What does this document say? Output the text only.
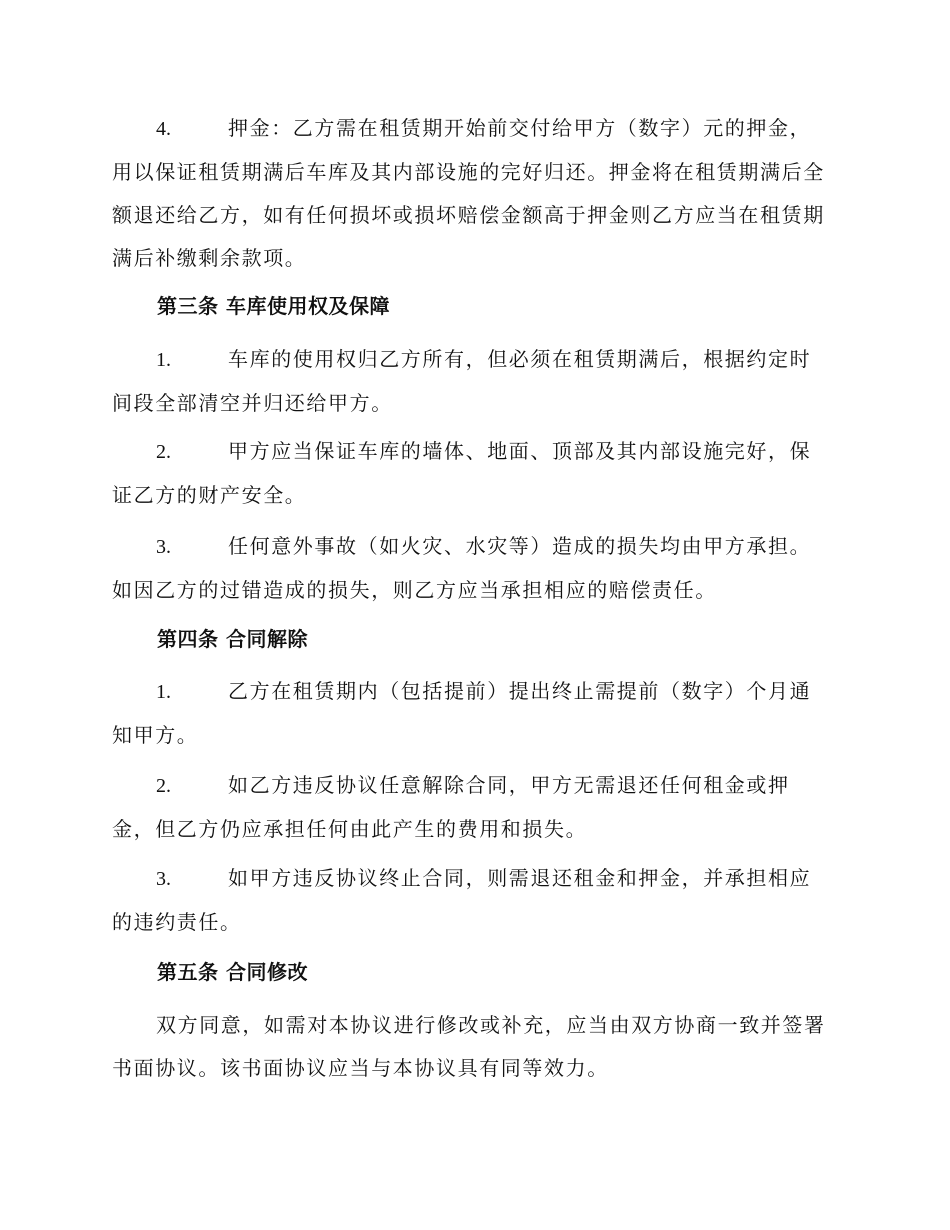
4.	押金：乙方需在租赁期开始前交付给甲方（数字）元的押金，用以保证租赁期满后车库及其内部设施的完好归还。押金将在租赁期满后全额退还给乙方，如有任何损坏或损坏赔偿金额高于押金则乙方应当在租赁期满后补缴剩余款项。
第三条 车库使用权及保障
1.	车库的使用权归乙方所有，但必须在租赁期满后，根据约定时间段全部清空并归还给甲方。
2.	甲方应当保证车库的墙体、地面、顶部及其内部设施完好，保证乙方的财产安全。
3.	任何意外事故（如火灾、水灾等）造成的损失均由甲方承担。如因乙方的过错造成的损失，则乙方应当承担相应的赔偿责任。
第四条 合同解除
1.	乙方在租赁期内（包括提前）提出终止需提前（数字）个月通知甲方。
2.	如乙方违反协议任意解除合同，甲方无需退还任何租金或押金，但乙方仍应承担任何由此产生的费用和损失。
3.	如甲方违反协议终止合同，则需退还租金和押金，并承担相应的违约责任。
第五条 合同修改
双方同意，如需对本协议进行修改或补充，应当由双方协商一致并签署书面协议。该书面协议应当与本协议具有同等效力。
